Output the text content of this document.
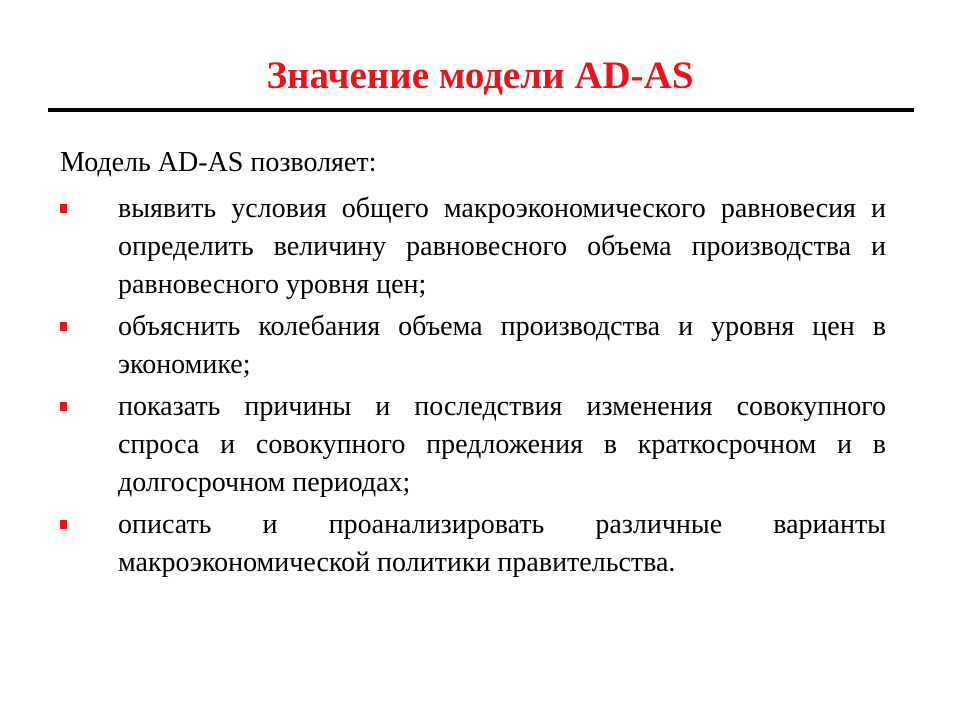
Значение модели AD-AS

Модель AD-AS позволяет:

выявить условия общего макроэкономического равновесия и определить величину равновесного объема производства и равновесного уровня цен;
объяснить колебания объема производства и уровня цен в экономике;
показать причины и последствия изменения совокупного спроса и совокупного предложения в краткосрочном и в долгосрочном периодах;
описать и проанализировать различные варианты макроэкономической политики правительства.
